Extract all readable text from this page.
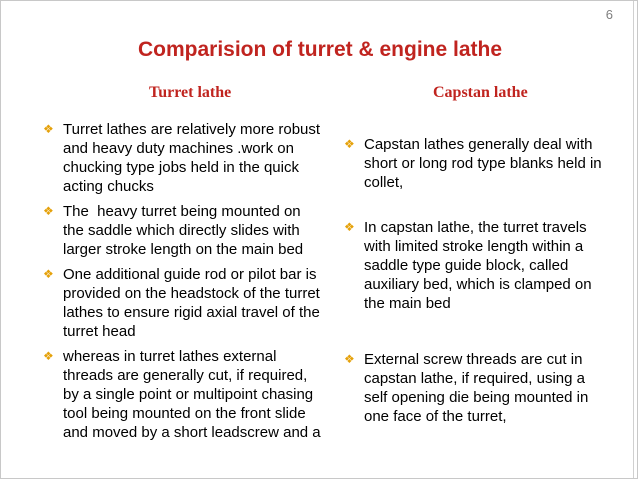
6
Comparision of turret & engine lathe
Turret lathe	Capstan lathe
❖ Turret lathes are relatively more robust and heavy duty machines .work on chucking type jobs held in the quick acting chucks
❖ The  heavy turret being mounted on the saddle which directly slides with larger stroke length on the main bed
❖ One additional guide rod or pilot bar is provided on the headstock of the turret lathes to ensure rigid axial travel of the turret head
❖ whereas in turret lathes external threads are generally cut, if required, by a single point or multipoint chasing tool being mounted on the front slide and moved by a short leadscrew and a
❖ Capstan lathes generally deal with short or long rod type blanks held in collet,
❖ In capstan lathe, the turret travels with limited stroke length within a saddle type guide block, called auxiliary bed, which is clamped on the main bed
❖ External screw threads are cut in capstan lathe, if required, using a self opening die being mounted in one face of the turret,
